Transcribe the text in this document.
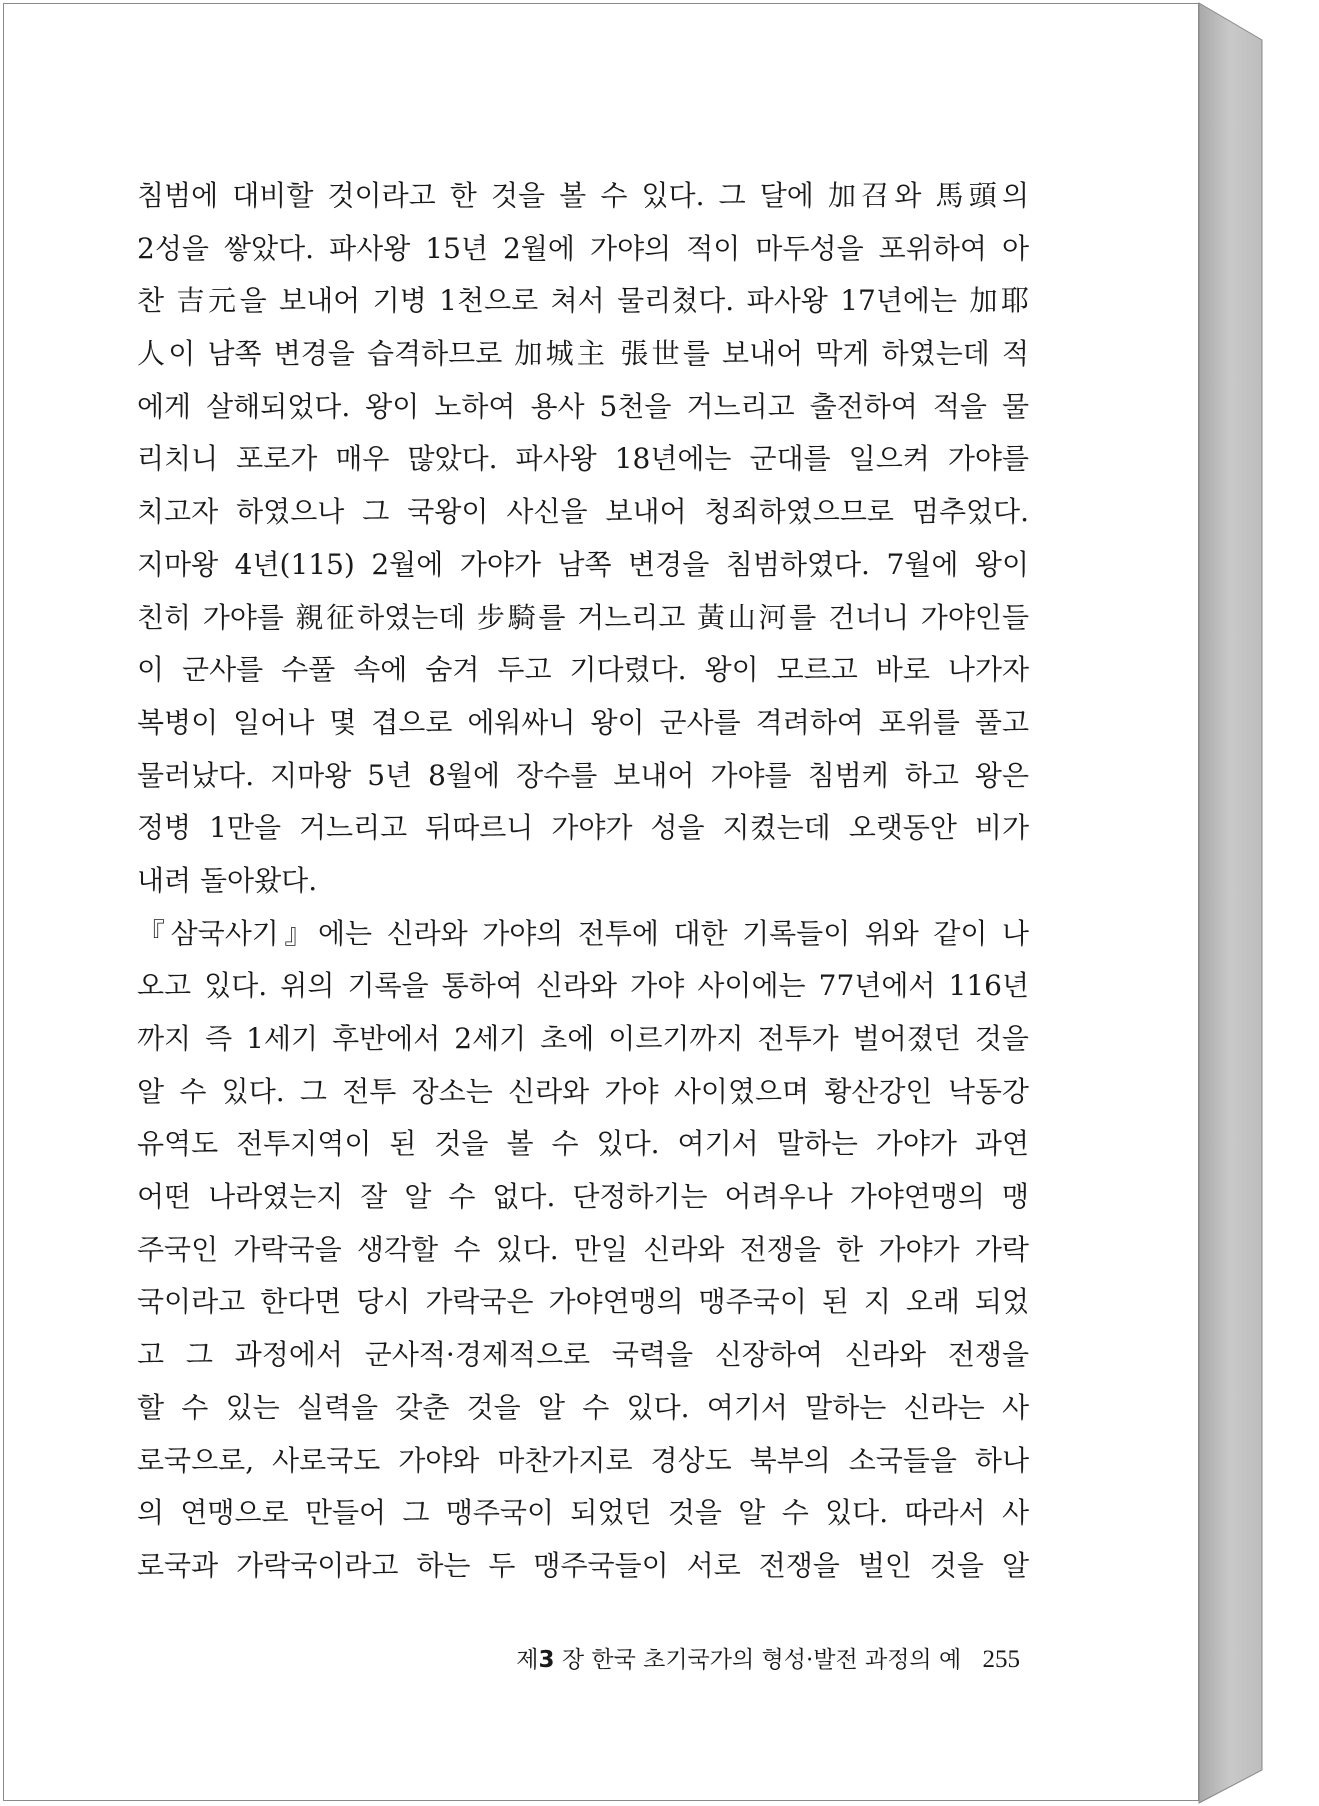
침범에 대비할 것이라고 한 것을 볼 수 있다. 그 달에 加召와 馬頭의
2성을 쌓았다. 파사왕 15년 2월에 가야의 적이 마두성을 포위하여 아
찬 吉元을 보내어 기병 1천으로 쳐서 물리쳤다. 파사왕 17년에는 加耶
人이 남쪽 변경을 습격하므로 加城主 張世를 보내어 막게 하였는데 적
에게 살해되었다. 왕이 노하여 용사 5천을 거느리고 출전하여 적을 물
리치니 포로가 매우 많았다. 파사왕 18년에는 군대를 일으켜 가야를
치고자 하였으나 그 국왕이 사신을 보내어 청죄하였으므로 멈추었다.
지마왕 4년(115) 2월에 가야가 남쪽 변경을 침범하였다. 7월에 왕이
친히 가야를 親征하였는데 步騎를 거느리고 黃山河를 건너니 가야인들
이 군사를 수풀 속에 숨겨 두고 기다렸다. 왕이 모르고 바로 나가자
복병이 일어나 몇 겹으로 에워싸니 왕이 군사를 격려하여 포위를 풀고
물러났다. 지마왕 5년 8월에 장수를 보내어 가야를 침범케 하고 왕은
정병 1만을 거느리고 뒤따르니 가야가 성을 지켰는데 오랫동안 비가
내려 돌아왔다.
『삼국사기』에는 신라와 가야의 전투에 대한 기록들이 위와 같이 나
오고 있다. 위의 기록을 통하여 신라와 가야 사이에는 77년에서 116년
까지 즉 1세기 후반에서 2세기 초에 이르기까지 전투가 벌어졌던 것을
알 수 있다. 그 전투 장소는 신라와 가야 사이였으며 황산강인 낙동강
유역도 전투지역이 된 것을 볼 수 있다. 여기서 말하는 가야가 과연
어떤 나라였는지 잘 알 수 없다. 단정하기는 어려우나 가야연맹의 맹
주국인 가락국을 생각할 수 있다. 만일 신라와 전쟁을 한 가야가 가락
국이라고 한다면 당시 가락국은 가야연맹의 맹주국이 된 지 오래 되었
고 그 과정에서 군사적·경제적으로 국력을 신장하여 신라와 전쟁을
할 수 있는 실력을 갖춘 것을 알 수 있다. 여기서 말하는 신라는 사
로국으로, 사로국도 가야와 마찬가지로 경상도 북부의 소국들을 하나
의 연맹으로 만들어 그 맹주국이 되었던 것을 알 수 있다. 따라서 사
로국과 가락국이라고 하는 두 맹주국들이 서로 전쟁을 벌인 것을 알
제3 장 한국 초기국가의 형성·발전 과정의 예 255
